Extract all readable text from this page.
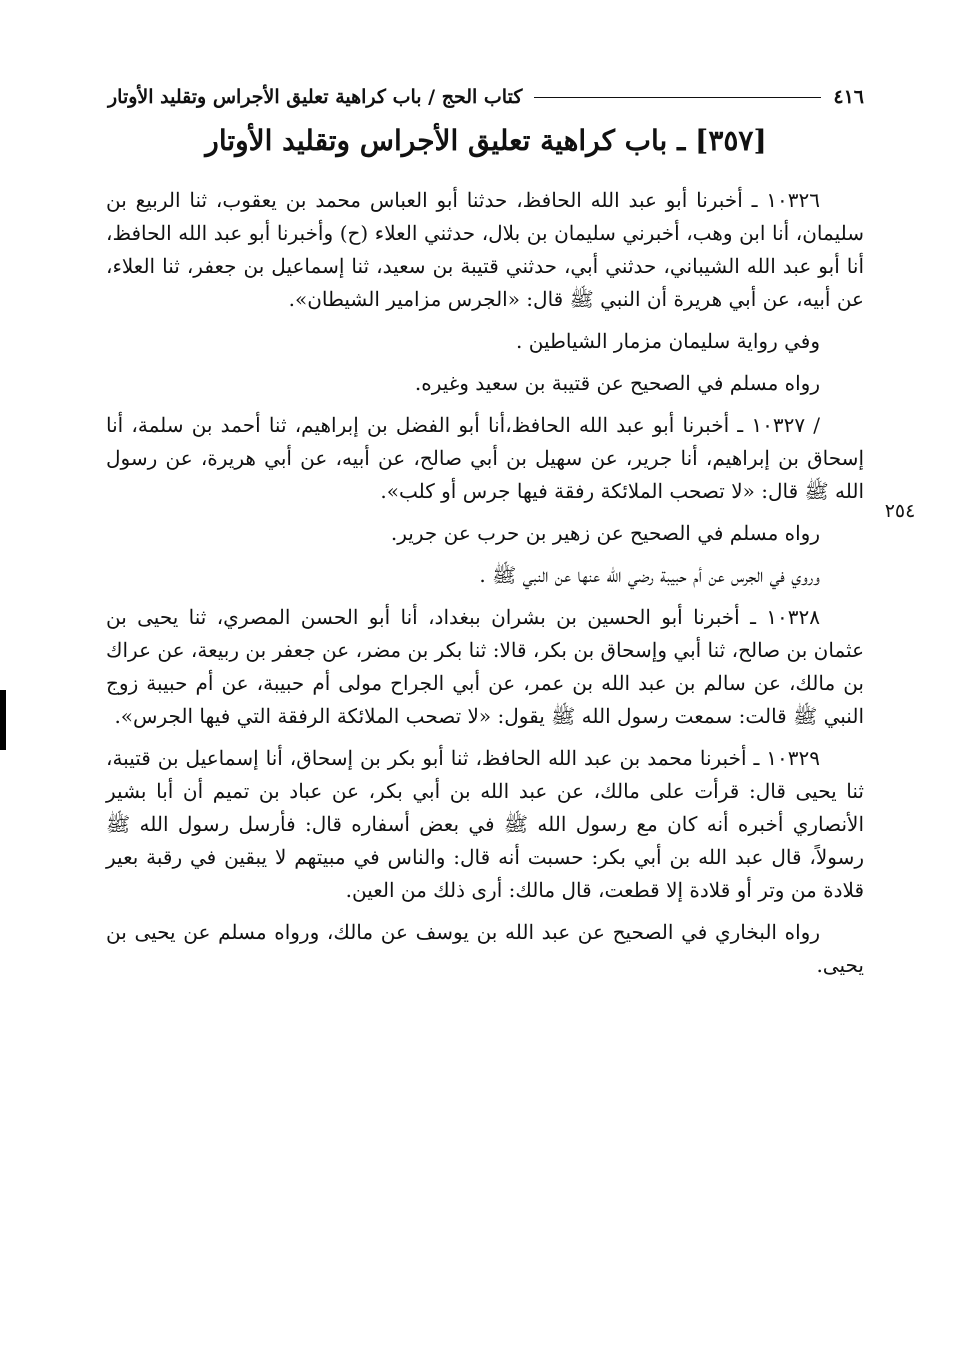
٤١٦
كتاب الحج / باب كراهية تعليق الأجراس وتقليد الأوتار
[٣٥٧] ـ باب كراهية تعليق الأجراس وتقليد الأوتار
٢٥٤

١٠٣٢٦ ـ أخبرنا أبو عبد الله الحافظ، حدثنا أبو العباس محمد بن يعقوب، ثنا الربيع بن سليمان، أنا ابن وهب، أخبرني سليمان بن بلال، حدثني العلاء (ح) وأخبرنا أبو عبد الله الحافظ، أنا أبو عبد الله الشيباني، حدثني أبي، حدثني قتيبة بن سعيد، ثنا إسماعيل بن جعفر، ثنا العلاء، عن أبيه، عن أبي هريرة أن النبي ﷺ قال: «الجرس مزامير الشيطان».

وفي رواية سليمان مزمار الشياطين .

رواه مسلم في الصحيح عن قتيبة بن سعيد وغيره.

/ ١٠٣٢٧ ـ أخبرنا أبو عبد الله الحافظ،أنا أبو الفضل بن إبراهيم، ثنا أحمد بن سلمة، أنا إسحاق بن إبراهيم، أنا جرير، عن سهيل بن أبي صالح، عن أبيه، عن أبي هريرة، عن رسول الله ﷺ قال: «لا تصحب الملائكة رفقة فيها جرس أو كلب».

رواه مسلم في الصحيح عن زهير بن حرب عن جرير.

وروي في الجرس عن أم حبيبة رضي الله عنها عن النبي ﷺ .

١٠٣٢٨ ـ أخبرنا أبو الحسين بن بشران ببغداد، أنا أبو الحسن المصري، ثنا يحيى بن عثمان بن صالح، ثنا أبي وإسحاق بن بكر، قالا: ثنا بكر بن مضر، عن جعفر بن ربيعة، عن عراك بن مالك، عن سالم بن عبد الله بن عمر، عن أبي الجراح مولى أم حبيبة، عن أم حبيبة زوج النبي ﷺ قالت: سمعت رسول الله ﷺ يقول: «لا تصحب الملائكة الرفقة التي فيها الجرس».

١٠٣٢٩ ـ أخبرنا محمد بن عبد الله الحافظ، ثنا أبو بكر بن إسحاق، أنا إسماعيل بن قتيبة، ثنا يحيى قال: قرأت على مالك، عن عبد الله بن أبي بكر، عن عباد بن تميم أن أبا بشير الأنصاري أخبره أنه كان مع رسول الله ﷺ في بعض أسفاره قال: فأرسل رسول الله ﷺ رسولاً، قال عبد الله بن أبي بكر: حسبت أنه قال: والناس في مبيتهم لا يبقين في رقبة بعير قلادة من وتر أو قلادة إلا قطعت، قال مالك: أرى ذلك من العين.

رواه البخاري في الصحيح عن عبد الله بن يوسف عن مالك، ورواه مسلم عن يحيى بن يحيى.
